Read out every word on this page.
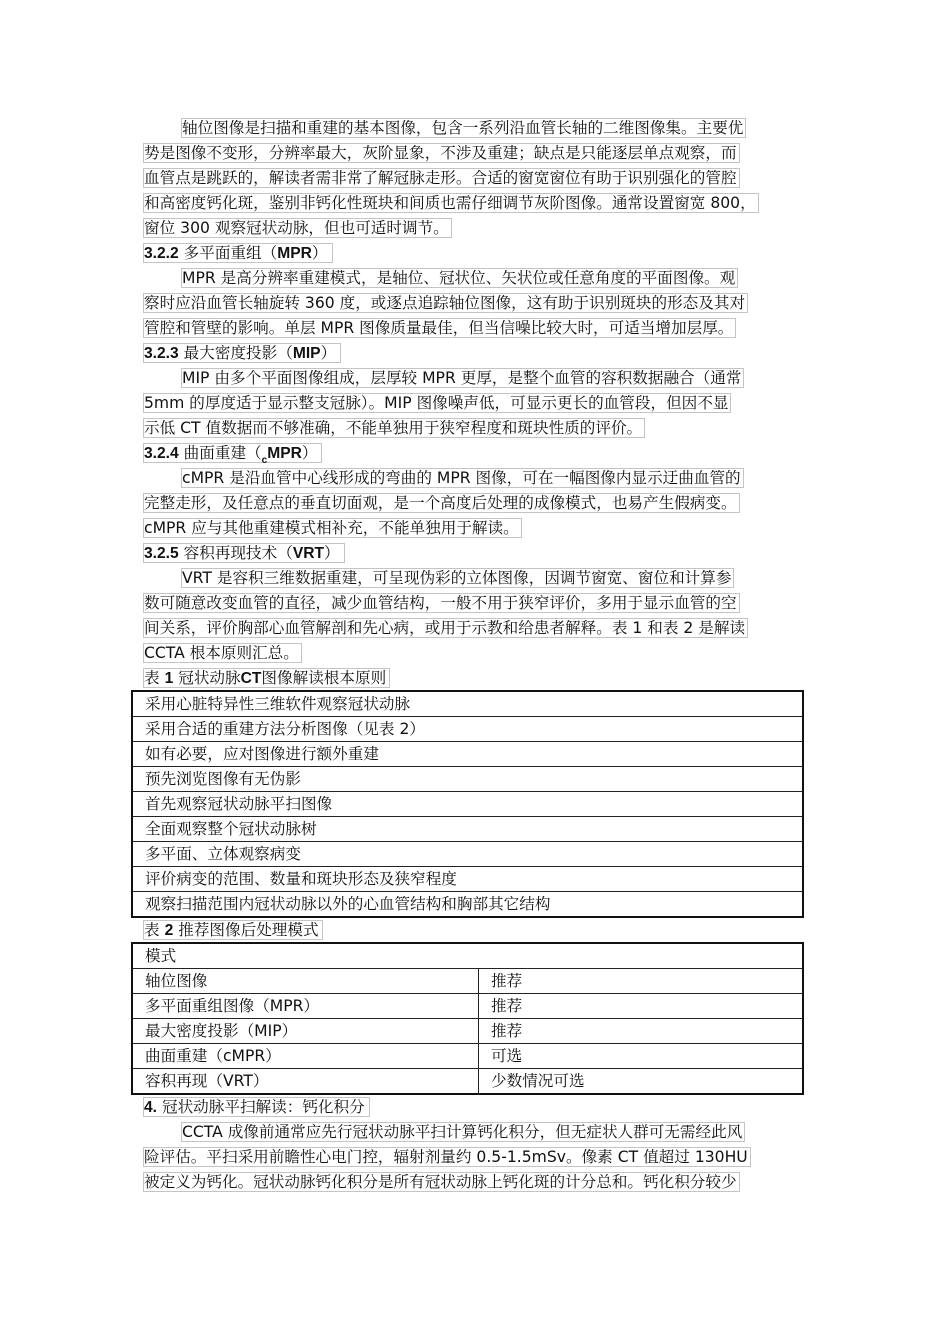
轴位图像是扫描和重建的基本图像，包含一系列沿血管长轴的二维图像集。主要优
势是图像不变形，分辨率最大，灰阶显象，不涉及重建；缺点是只能逐层单点观察，而
血管点是跳跃的，解读者需非常了解冠脉走形。合适的窗宽窗位有助于识别强化的管腔
和高密度钙化斑，鉴别非钙化性斑块和间质也需仔细调节灰阶图像。通常设置窗宽 800，
窗位 300 观察冠状动脉，但也可适时调节。
3.2.2 多平面重组（MPR）
MPR 是高分辨率重建模式，是轴位、冠状位、矢状位或任意角度的平面图像。观
察时应沿血管长轴旋转 360 度，或逐点追踪轴位图像，这有助于识别斑块的形态及其对
管腔和管壁的影响。单层 MPR 图像质量最佳，但当信噪比较大时，可适当增加层厚。
3.2.3 最大密度投影（MIP）
MIP 由多个平面图像组成，层厚较 MPR 更厚，是整个血管的容积数据融合（通常
5mm 的厚度适于显示整支冠脉）。MIP 图像噪声低，可显示更长的血管段，但因不显
示低 CT 值数据而不够准确，不能单独用于狭窄程度和斑块性质的评价。
3.2.4 曲面重建$(_cMPR)$
cMPR 是沿血管中心线形成的弯曲的 MPR 图像，可在一幅图像内显示迂曲血管的
完整走形，及任意点的垂直切面观，是一个高度后处理的成像模式，也易产生假病变。
cMPR 应与其他重建模式相补充，不能单独用于解读。
3.2.5 容积再现技术（VRT）
VRT 是容积三维数据重建，可呈现伪彩的立体图像，因调节窗宽、窗位和计算参
数可随意改变血管的直径，减少血管结构，一般不用于狭窄评价，多用于显示血管的空
间关系，评价胸部心血管解剖和先心病，或用于示教和给患者解释。表 1 和表 2 是解读
CCTA 根本原则汇总。
表 1 冠状动脉CT图像解读根本原则
采用心脏特异性三维软件观察冠状动脉
采用合适的重建方法分析图像（见表 2）
如有必要，应对图像进行额外重建
预先浏览图像有无伪影
首先观察冠状动脉平扫图像
全面观察整个冠状动脉树
多平面、立体观察病变
评价病变的范围、数量和斑块形态及狭窄程度
观察扫描范围内冠状动脉以外的心血管结构和胸部其它结构
表 2 推荐图像后处理模式
模式	
轴位图像	推荐
多平面重组图像（MPR）	推荐
最大密度投影（MIP）	推荐
曲面重建（cMPR）	可选
容积再现（VRT）	少数情况可选
4. 冠状动脉平扫解读：钙化积分
CCTA 成像前通常应先行冠状动脉平扫计算钙化积分，但无症状人群可无需经此风
险评估。平扫采用前瞻性心电门控，辐射剂量约 0.5-1.5mSv。像素 CT 值超过 130HU
被定义为钙化。冠状动脉钙化积分是所有冠状动脉上钙化斑的计分总和。钙化积分较少
